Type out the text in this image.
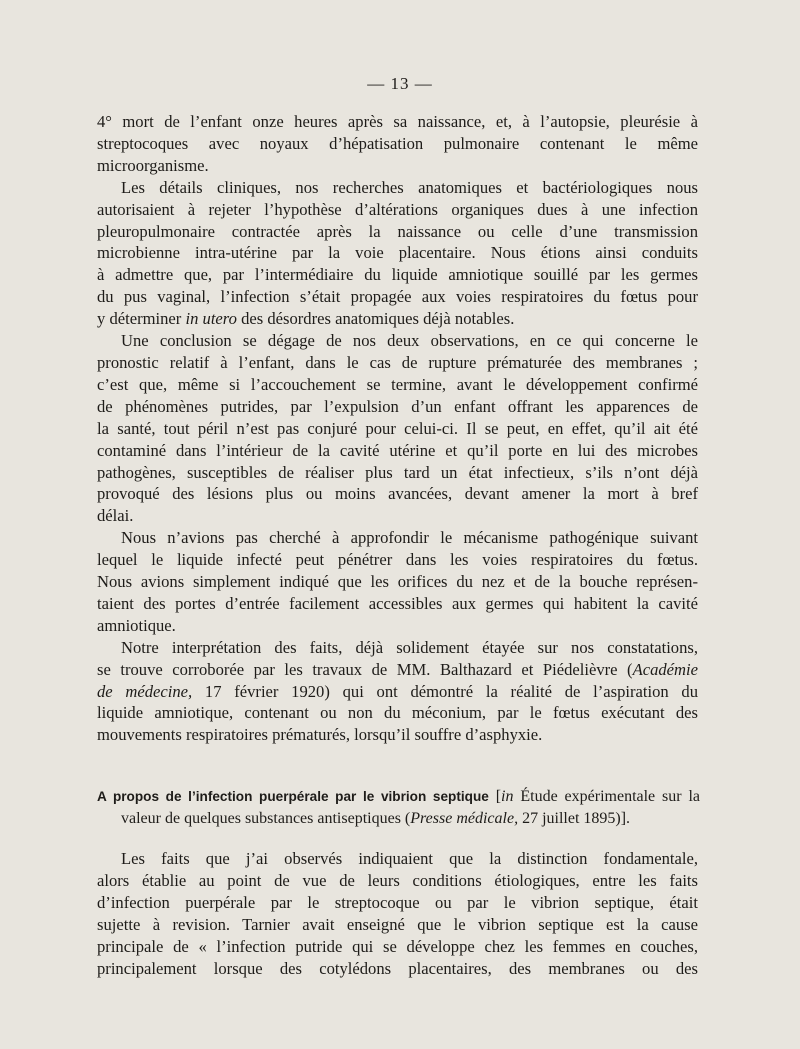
— 13 —
4° mort de l’enfant onze heures après sa naissance, et, à l’autopsie, pleurésie à
streptocoques avec noyaux d’hépatisation pulmonaire contenant le même
microorganisme.
Les détails cliniques, nos recherches anatomiques et bactériologiques nous
autorisaient à rejeter l’hypothèse d’altérations organiques dues à une infection
pleuropulmonaire contractée après la naissance ou celle d’une transmission
microbienne intra-utérine par la voie placentaire. Nous étions ainsi conduits
à admettre que, par l’intermédiaire du liquide amniotique souillé par les germes
du pus vaginal, l’infection s’était propagée aux voies respiratoires du fœtus pour
y déterminer in utero des désordres anatomiques déjà notables.
Une conclusion se dégage de nos deux observations, en ce qui concerne le
pronostic relatif à l’enfant, dans le cas de rupture prématurée des membranes ;
c’est que, même si l’accouchement se termine, avant le développement confirmé
de phénomènes putrides, par l’expulsion d’un enfant offrant les apparences de
la santé, tout péril n’est pas conjuré pour celui-ci. Il se peut, en effet, qu’il ait été
contaminé dans l’intérieur de la cavité utérine et qu’il porte en lui des microbes
pathogènes, susceptibles de réaliser plus tard un état infectieux, s’ils n’ont déjà
provoqué des lésions plus ou moins avancées, devant amener la mort à bref
délai.
Nous n’avions pas cherché à approfondir le mécanisme pathogénique suivant
lequel le liquide infecté peut pénétrer dans les voies respiratoires du fœtus.
Nous avions simplement indiqué que les orifices du nez et de la bouche représen-
taient des portes d’entrée facilement accessibles aux germes qui habitent la cavité
amniotique.
Notre interprétation des faits, déjà solidement étayée sur nos constatations,
se trouve corroborée par les travaux de MM. Balthazard et Piédelièvre (Académie
de médecine, 17 février 1920) qui ont démontré la réalité de l’aspiration du
liquide amniotique, contenant ou non du méconium, par le fœtus exécutant des
mouvements respiratoires prématurés, lorsqu’il souffre d’asphyxie.
A propos de l’infection puerpérale par le vibrion septique [in Étude expérimentale sur la
valeur de quelques substances antiseptiques (Presse médicale, 27 juillet 1895)].
Les faits que j’ai observés indiquaient que la distinction fondamentale,
alors établie au point de vue de leurs conditions étiologiques, entre les faits
d’infection puerpérale par le streptocoque ou par le vibrion septique, était
sujette à revision. Tarnier avait enseigné que le vibrion septique est la cause
principale de « l’infection putride qui se développe chez les femmes en couches,
principalement lorsque des cotylédons placentaires, des membranes ou des
